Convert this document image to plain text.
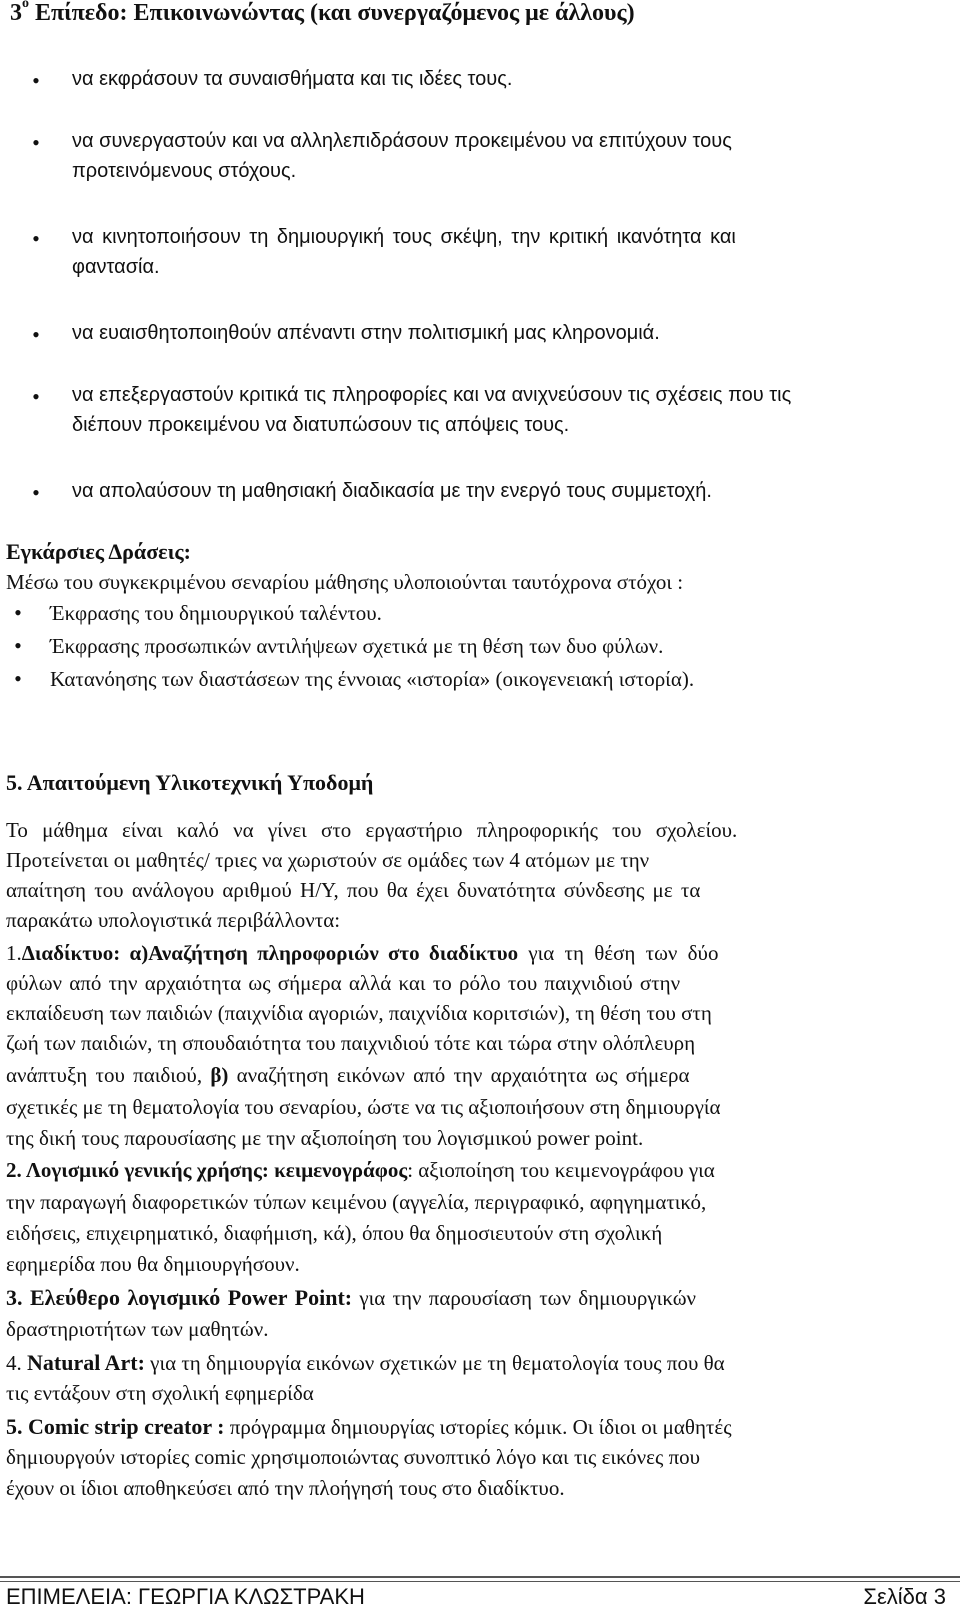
$3^o$ Επίπεδο: Επικοινωνώντας (και συνεργαζόμενος με άλλους)
• να εκφράσουν τα συναισθήματα και τις ιδέες τους.
• να συνεργαστούν και να αλληλεπιδράσουν προκειμένου να επιτύχουν τους
προτεινόμενους στόχους.
• να κινητοποιήσουν τη δημιουργική τους σκέψη, την κριτική ικανότητα και
φαντασία.
• να ευαισθητοποιηθούν απέναντι στην πολιτισμική μας κληρονομιά.
• να επεξεργαστούν κριτικά τις πληροφορίες και να ανιχνεύσουν τις σχέσεις που τις
διέπουν προκειμένου να διατυπώσουν τις απόψεις τους.
• να απολαύσουν τη μαθησιακή διαδικασία με την ενεργό τους συμμετοχή.
Εγκάρσιες Δράσεις:
Μέσω του συγκεκριμένου σεναρίου μάθησης υλοποιούνται ταυτόχρονα στόχοι :
• Έκφρασης του δημιουργικού ταλέντου.
• Έκφρασης προσωπικών αντιλήψεων σχετικά με τη θέση των δυο φύλων.
• Κατανόησης των διαστάσεων της έννοιας «ιστορία» (οικογενειακή ιστορία).
5. Απαιτούμενη Υλικοτεχνική Υποδομή
Το μάθημα είναι καλό να γίνει στο εργαστήριο πληροφορικής του σχολείου.
Προτείνεται οι μαθητές/ τριες να χωριστούν σε ομάδες των 4 ατόμων με την
απαίτηση του ανάλογου αριθμού Η/Υ, που θα έχει δυνατότητα σύνδεσης με τα
παρακάτω υπολογιστικά περιβάλλοντα:
1.Διαδίκτυο: α)Αναζήτηση πληροφοριών στο διαδίκτυο για τη θέση των δύο
φύλων από την αρχαιότητα ως σήμερα αλλά και το ρόλο του παιχνιδιού στην
εκπαίδευση των παιδιών (παιχνίδια αγοριών, παιχνίδια κοριτσιών), τη θέση του στη
ζωή των παιδιών, τη σπουδαιότητα του παιχνιδιού τότε και τώρα στην ολόπλευρη
ανάπτυξη του παιδιού, β) αναζήτηση εικόνων από την αρχαιότητα ως σήμερα
σχετικές με τη θεματολογία του σεναρίου, ώστε να τις αξιοποιήσουν στη δημιουργία
της δική τους παρουσίασης με την αξιοποίηση του λογισμικού power point.
2. Λογισμικό γενικής χρήσης: κειμενογράφος: αξιοποίηση του κειμενογράφου για
την παραγωγή διαφορετικών τύπων κειμένου (αγγελία, περιγραφικό, αφηγηματικό,
ειδήσεις, επιχειρηματικό, διαφήμιση, κά), όπου θα δημοσιευτούν στη σχολική
εφημερίδα που θα δημιουργήσουν.
3. Ελεύθερο λογισμικό Power Point: για την παρουσίαση των δημιουργικών
δραστηριοτήτων των μαθητών.
4. Natural Art: για τη δημιουργία εικόνων σχετικών με τη θεματολογία τους που θα
τις εντάξουν στη σχολική εφημερίδα
5. Comic strip creator : πρόγραμμα δημιουργίας ιστορίες κόμικ. Οι ίδιοι οι μαθητές
δημιουργούν ιστορίες comic χρησιμοποιώντας συνοπτικό λόγο και τις εικόνες που
έχουν οι ίδιοι αποθηκεύσει από την πλοήγησή τους στο διαδίκτυο.
ΕΠΙΜΕΛΕΙΑ: ΓΕΩΡΓΙΑ ΚΛΩΣΤΡΑΚΗ	Σελίδα 3
